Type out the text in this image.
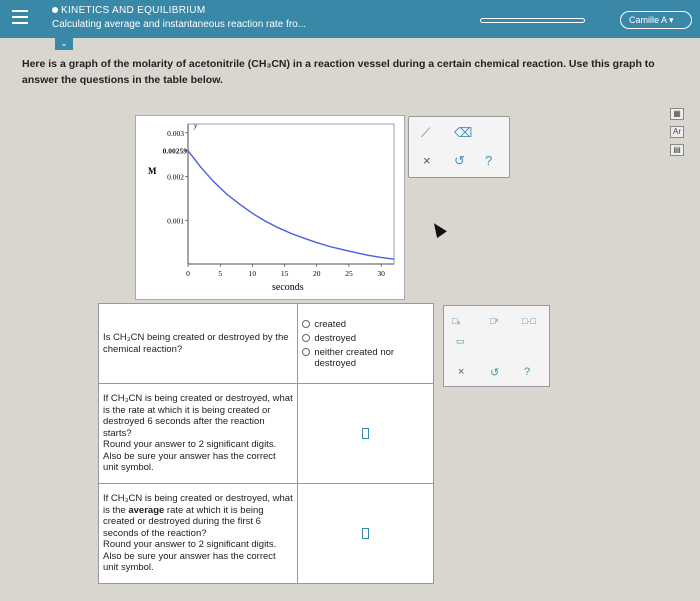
KINETICS AND EQUILIBRIUM
Calculating average and instantaneous reaction rate fro...	Camille A ▾
⌄
Here is a graph of the molarity of acetonitrile (CH₃CN) in a reaction vessel during a certain chemical reaction. Use this graph to answer the questions in the table below.
M
seconds
0	5	10	15	20	25	30
0.001
0.002
0.003
y
0.00259
⟋ ⌫
× ↺ ?
▦
Ar
▤
Is CH₃CN being created or destroyed by the chemical reaction?	created
destroyed
neither created nor destroyed

If CH₃CN is being created or destroyed, what is the rate at which it is being created or destroyed 6 seconds after the reaction starts?
Round your answer to 2 significant digits. Also be sure your answer has the correct unit symbol.	

If CH₃CN is being created or destroyed, what is the average rate at which it is being created or destroyed during the first 6 seconds of the reaction?
Round your answer to 2 significant digits. Also be sure your answer has the correct unit symbol.	
□ₓ	□ˣ	□·□
▭
× ↺ ?
